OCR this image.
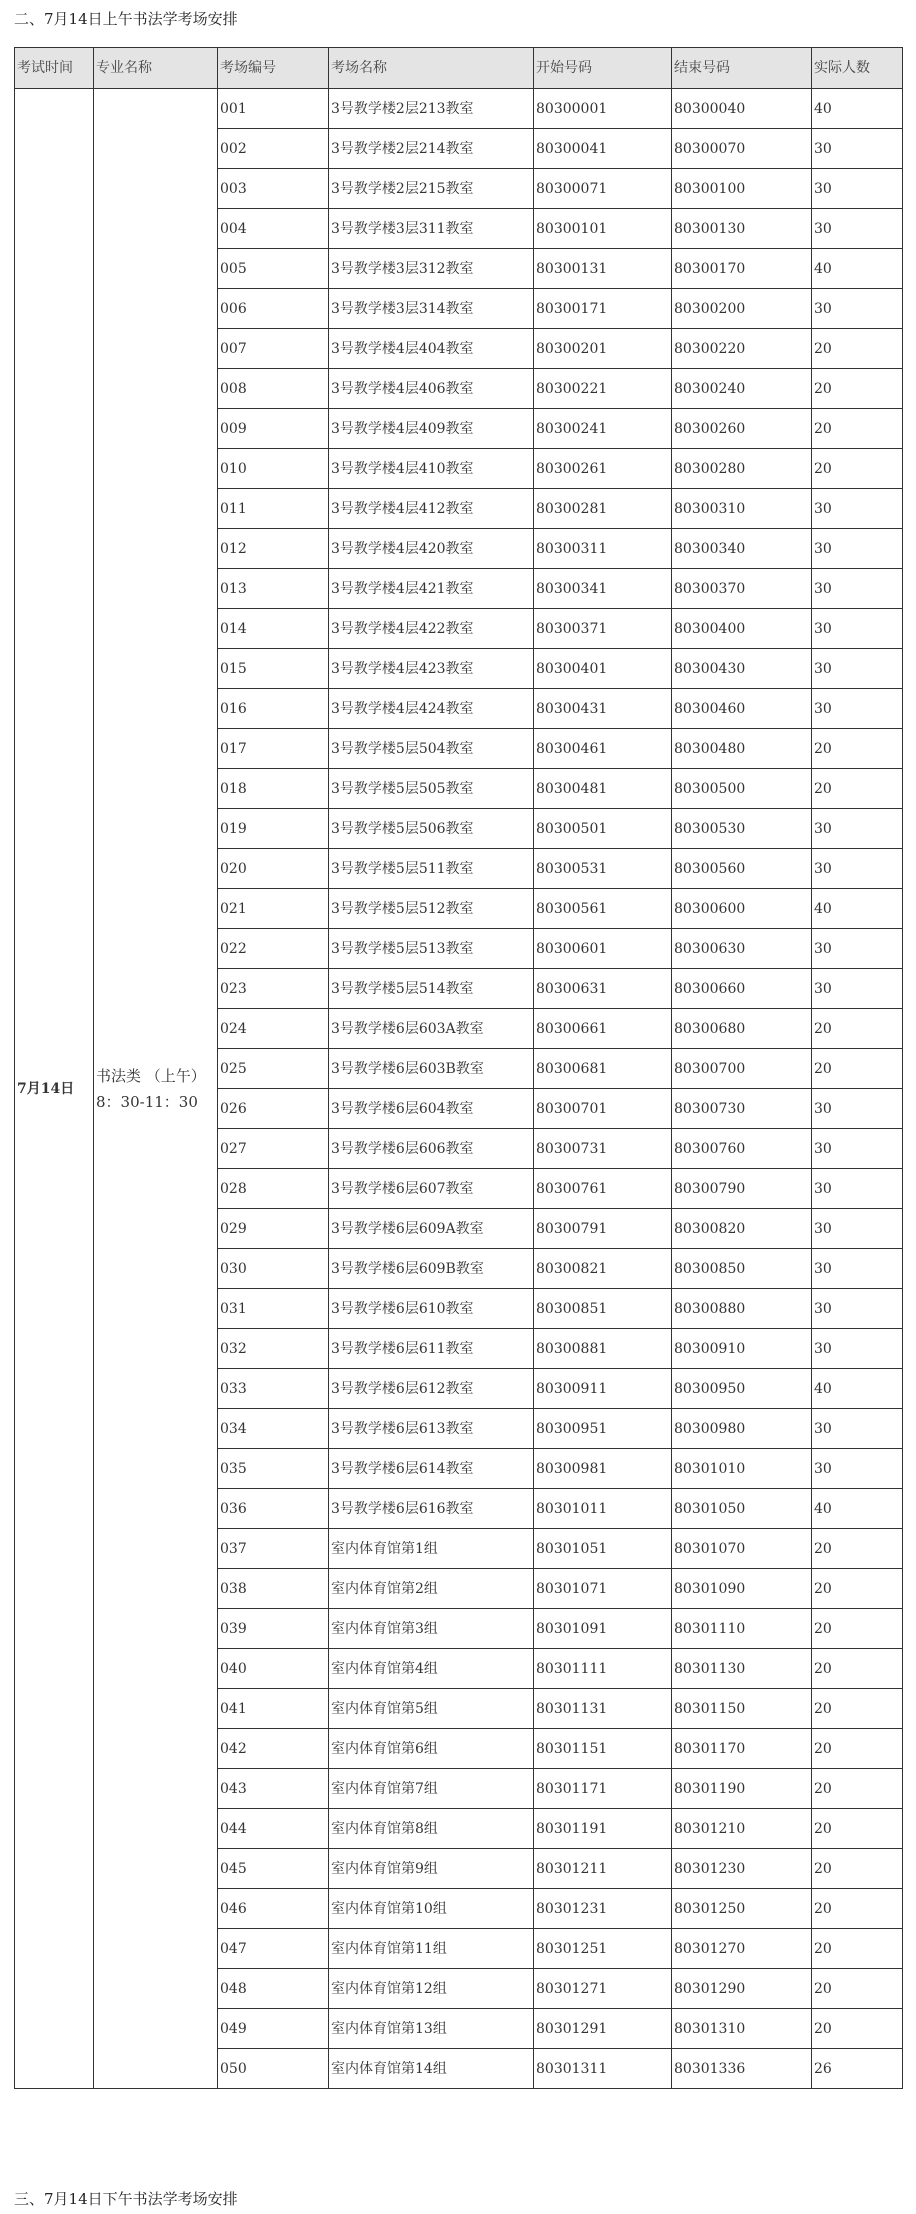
二、7月14日上午书法学考场安排
考试时间	专业名称	考场编号	考场名称	开始号码	结束号码	实际人数
7月14日	书法类 （上午） 8：30-11：30	001	3号教学楼2层213教室	80300001	80300040	40
		002	3号教学楼2层214教室	80300041	80300070	30
		003	3号教学楼2层215教室	80300071	80300100	30
		004	3号教学楼3层311教室	80300101	80300130	30
		005	3号教学楼3层312教室	80300131	80300170	40
		006	3号教学楼3层314教室	80300171	80300200	30
		007	3号教学楼4层404教室	80300201	80300220	20
		008	3号教学楼4层406教室	80300221	80300240	20
		009	3号教学楼4层409教室	80300241	80300260	20
		010	3号教学楼4层410教室	80300261	80300280	20
		011	3号教学楼4层412教室	80300281	80300310	30
		012	3号教学楼4层420教室	80300311	80300340	30
		013	3号教学楼4层421教室	80300341	80300370	30
		014	3号教学楼4层422教室	80300371	80300400	30
		015	3号教学楼4层423教室	80300401	80300430	30
		016	3号教学楼4层424教室	80300431	80300460	30
		017	3号教学楼5层504教室	80300461	80300480	20
		018	3号教学楼5层505教室	80300481	80300500	20
		019	3号教学楼5层506教室	80300501	80300530	30
		020	3号教学楼5层511教室	80300531	80300560	30
		021	3号教学楼5层512教室	80300561	80300600	40
		022	3号教学楼5层513教室	80300601	80300630	30
		023	3号教学楼5层514教室	80300631	80300660	30
		024	3号教学楼6层603A教室	80300661	80300680	20
		025	3号教学楼6层603B教室	80300681	80300700	20
		026	3号教学楼6层604教室	80300701	80300730	30
		027	3号教学楼6层606教室	80300731	80300760	30
		028	3号教学楼6层607教室	80300761	80300790	30
		029	3号教学楼6层609A教室	80300791	80300820	30
		030	3号教学楼6层609B教室	80300821	80300850	30
		031	3号教学楼6层610教室	80300851	80300880	30
		032	3号教学楼6层611教室	80300881	80300910	30
		033	3号教学楼6层612教室	80300911	80300950	40
		034	3号教学楼6层613教室	80300951	80300980	30
		035	3号教学楼6层614教室	80300981	80301010	30
		036	3号教学楼6层616教室	80301011	80301050	40
		037	室内体育馆第1组	80301051	80301070	20
		038	室内体育馆第2组	80301071	80301090	20
		039	室内体育馆第3组	80301091	80301110	20
		040	室内体育馆第4组	80301111	80301130	20
		041	室内体育馆第5组	80301131	80301150	20
		042	室内体育馆第6组	80301151	80301170	20
		043	室内体育馆第7组	80301171	80301190	20
		044	室内体育馆第8组	80301191	80301210	20
		045	室内体育馆第9组	80301211	80301230	20
		046	室内体育馆第10组	80301231	80301250	20
		047	室内体育馆第11组	80301251	80301270	20
		048	室内体育馆第12组	80301271	80301290	20
		049	室内体育馆第13组	80301291	80301310	20
		050	室内体育馆第14组	80301311	80301336	26
三、7月14日下午书法学考场安排
